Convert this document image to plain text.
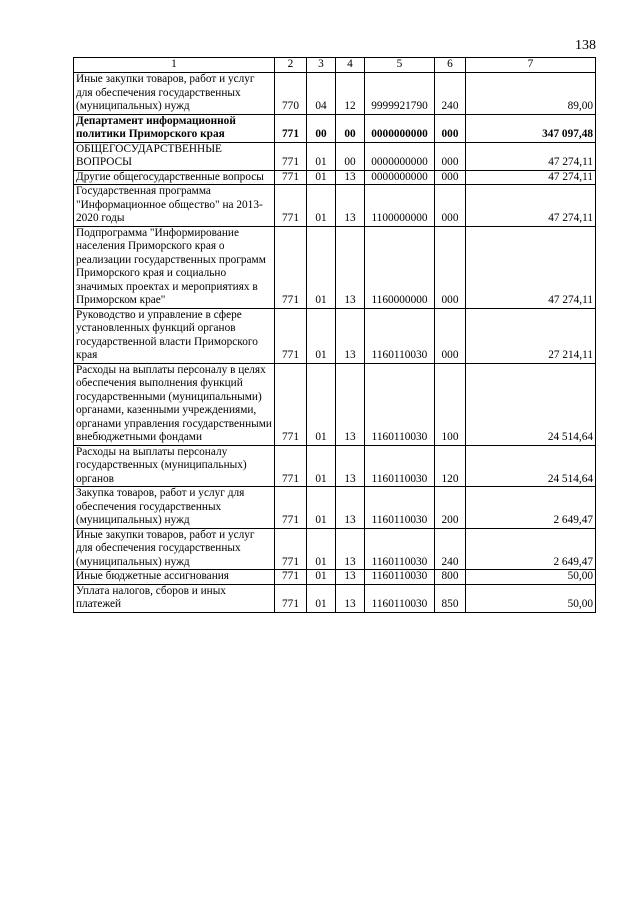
138
1	2	3	4	5	6	7
Иные закупки товаров, работ и услуг для обеспечения государственных (муниципальных) нужд	770	04	12	9999921790	240	89,00
Департамент информационной политики Приморского края	771	00	00	0000000000	000	347 097,48
ОБЩЕГОСУДАРСТВЕННЫЕ ВОПРОСЫ	771	01	00	0000000000	000	47 274,11
Другие общегосударственные вопросы	771	01	13	0000000000	000	47 274,11
Государственная программа "Информационное общество" на 2013-2020 годы	771	01	13	1100000000	000	47 274,11
Подпрограмма "Информирование населения Приморского края о реализации государственных программ Приморского края и социально значимых проектах и мероприятиях в Приморском крае"	771	01	13	1160000000	000	47 274,11
Руководство и управление в сфере установленных функций органов государственной власти Приморского края	771	01	13	1160110030	000	27 214,11
Расходы на выплаты персоналу в целях обеспечения выполнения функций государственными (муниципальными) органами, казенными учреждениями, органами управления государственными внебюджетными фондами	771	01	13	1160110030	100	24 514,64
Расходы на выплаты персоналу государственных (муниципальных) органов	771	01	13	1160110030	120	24 514,64
Закупка товаров, работ и услуг для обеспечения государственных (муниципальных) нужд	771	01	13	1160110030	200	2 649,47
Иные закупки товаров, работ и услуг для обеспечения государственных (муниципальных) нужд	771	01	13	1160110030	240	2 649,47
Иные бюджетные ассигнования	771	01	13	1160110030	800	50,00
Уплата налогов, сборов и иных платежей	771	01	13	1160110030	850	50,00
